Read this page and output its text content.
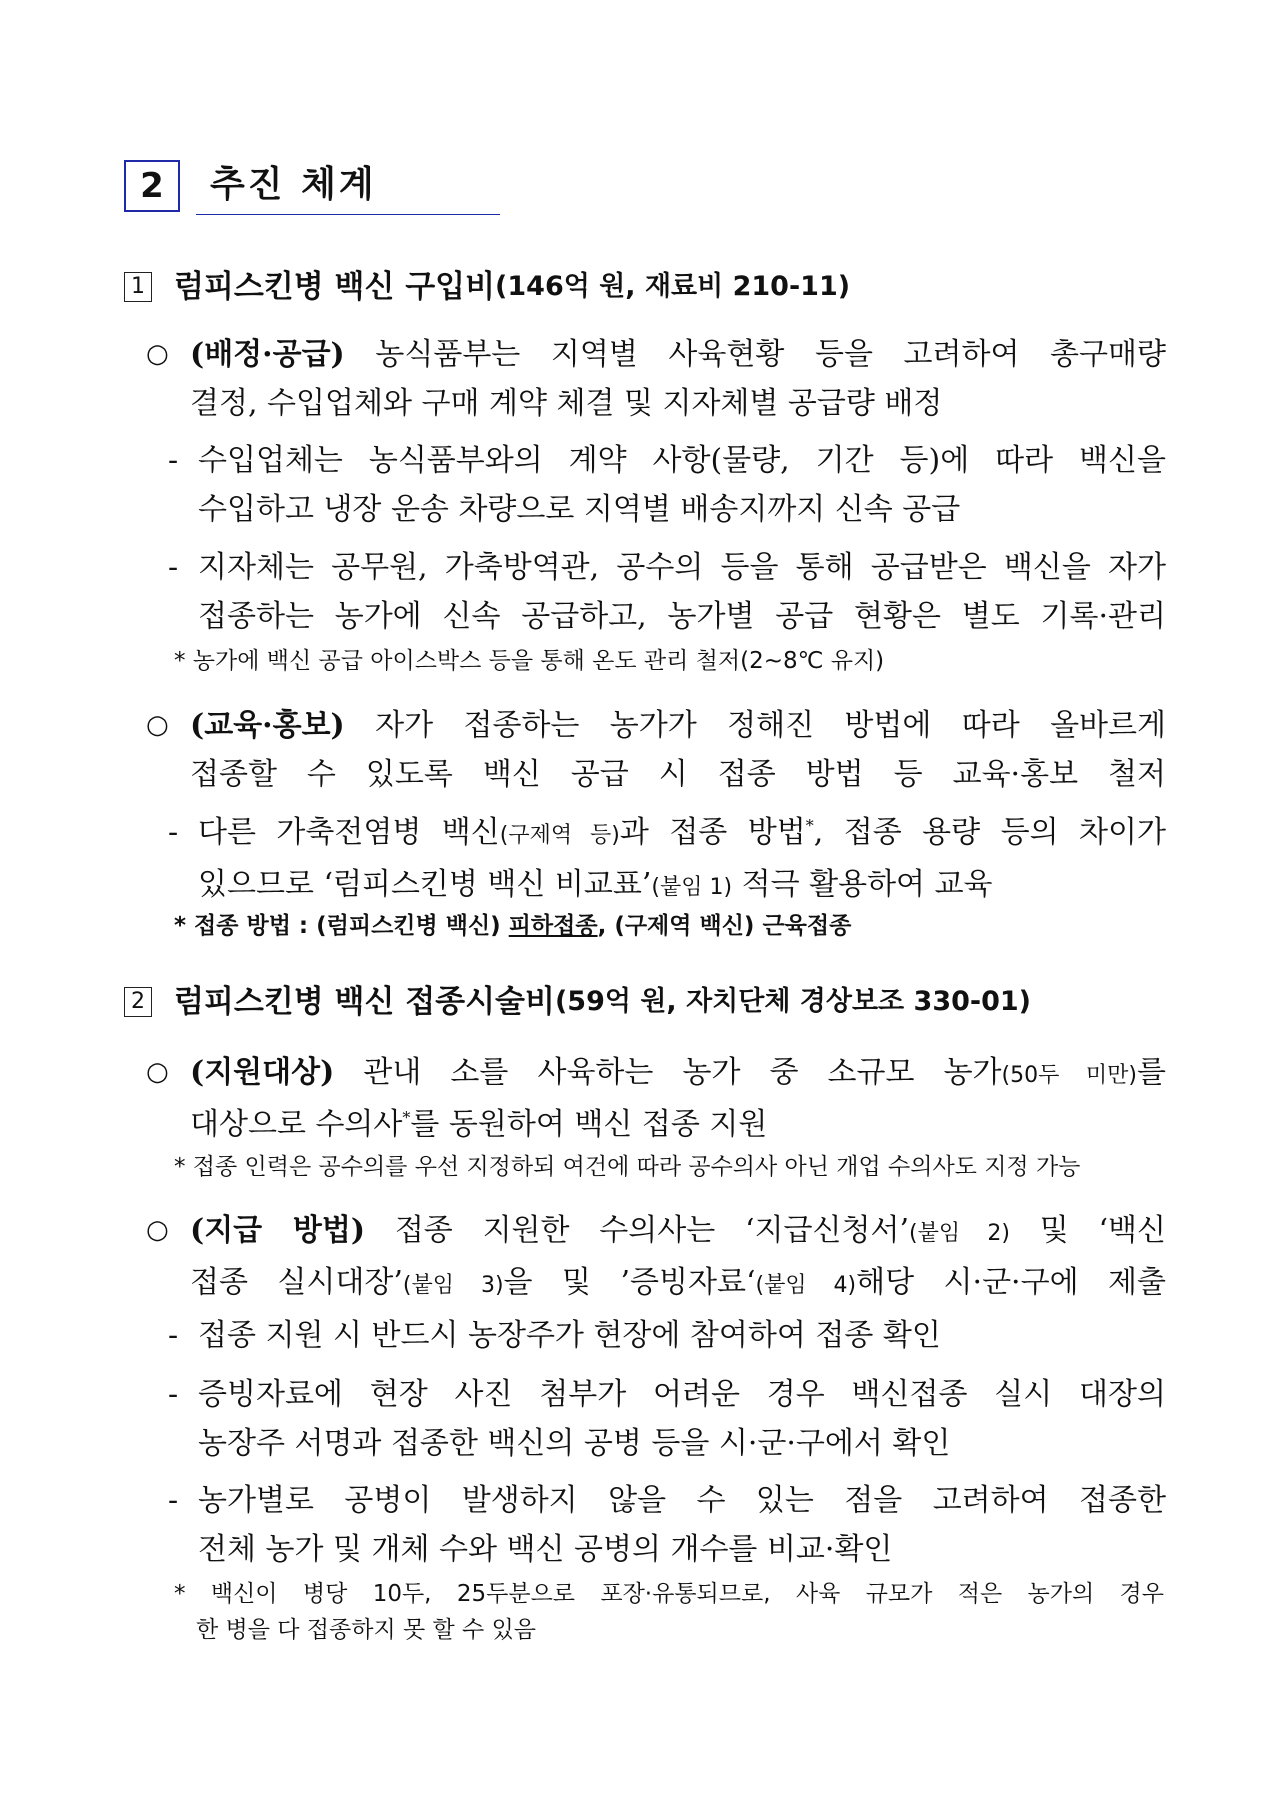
2	추진 체계
1 럼피스킨병 백신 구입비 (146억 원, 재료비 210-11)
○ (배정·공급) 농식품부는 지역별 사육현황 등을 고려하여 총구매량
결정, 수입업체와 구매 계약 체결 및 지자체별 공급량 배정
- 수입업체는 농식품부와의 계약 사항(물량, 기간 등)에 따라 백신을
수입하고 냉장 운송 차량으로 지역별 배송지까지 신속 공급
- 지자체는 공무원, 가축방역관, 공수의 등을 통해 공급받은 백신을 자가
접종하는 농가에 신속 공급하고, 농가별 공급 현황은 별도 기록·관리
* 농가에 백신 공급 아이스박스 등을 통해 온도 관리 철저(2~8℃ 유지)
○ (교육·홍보) 자가 접종하는 농가가 정해진 방법에 따라 올바르게
접종할 수 있도록 백신 공급 시 접종 방법 등 교육·홍보 철저
- 다른 가축전염병 백신(구제역 등)과 접종 방법*, 접종 용량 등의 차이가
있으므로 ‘럼피스킨병 백신 비교표’(붙임 1) 적극 활용하여 교육
* 접종 방법 : (럼피스킨병 백신) 피하접종, (구제역 백신) 근육접종
2 럼피스킨병 백신 접종시술비 (59억 원, 자치단체 경상보조 330-01)
○ (지원대상) 관내 소를 사육하는 농가 중 소규모 농가(50두 미만)를
대상으로 수의사*를 동원하여 백신 접종 지원
* 접종 인력은 공수의를 우선 지정하되 여건에 따라 공수의사 아닌 개업 수의사도 지정 가능
○ (지급 방법) 접종 지원한 수의사는 ‘지급신청서’(붙임 2) 및 ‘백신
접종 실시대장’(붙임 3)을 및 ’증빙자료‘(붙임 4)해당 시·군·구에 제출
- 접종 지원 시 반드시 농장주가 현장에 참여하여 접종 확인
- 증빙자료에 현장 사진 첨부가 어려운 경우 백신접종 실시 대장의
농장주 서명과 접종한 백신의 공병 등을 시·군·구에서 확인
- 농가별로 공병이 발생하지 않을 수 있는 점을 고려하여 접종한
전체 농가 및 개체 수와 백신 공병의 개수를 비교·확인
* 백신이 병당 10두, 25두분으로 포장·유통되므로, 사육 규모가 적은 농가의 경우
한 병을 다 접종하지 못 할 수 있음
